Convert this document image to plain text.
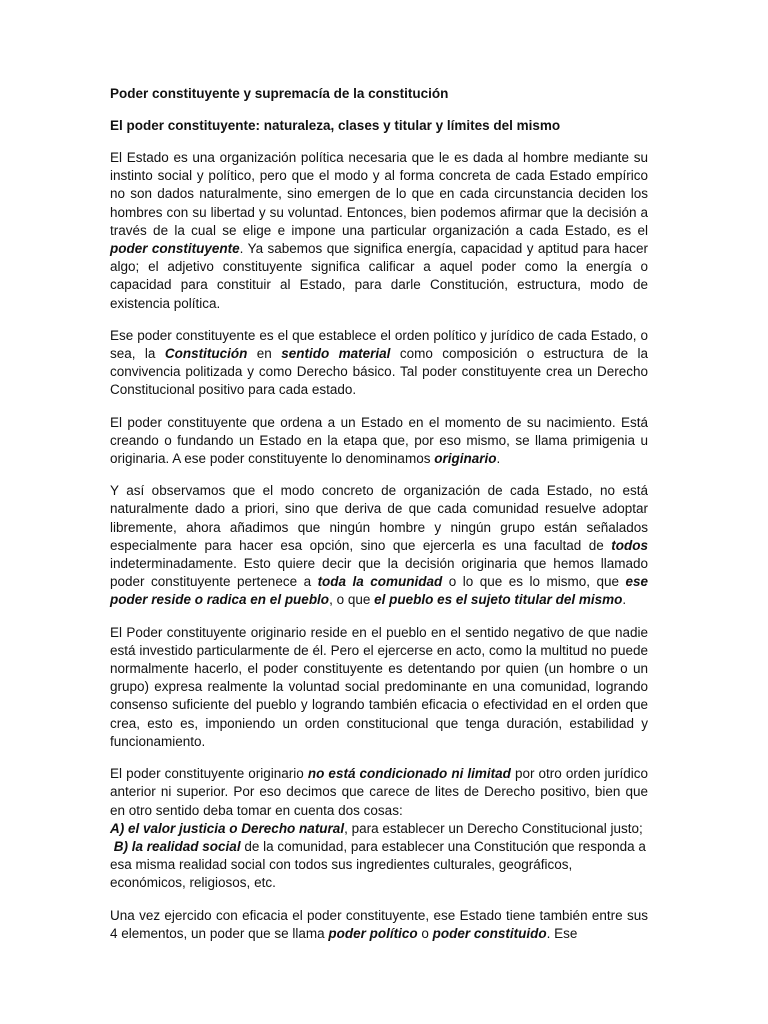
Poder constituyente y supremacía de la constitución

El poder constituyente: naturaleza, clases y titular y límites del mismo

El Estado es una organización política necesaria que le es dada al hombre mediante su instinto social y político, pero que el modo y al forma concreta de cada Estado empírico no son dados naturalmente, sino emergen de lo que en cada circunstancia deciden los hombres con su libertad y su voluntad. Entonces, bien podemos afirmar que la decisión a través de la cual se elige e impone una particular organización a cada Estado, es el poder constituyente. Ya sabemos que significa energía, capacidad y aptitud para hacer algo; el adjetivo constituyente significa calificar a aquel poder como la energía o capacidad para constituir al Estado, para darle Constitución, estructura, modo de existencia política.

Ese poder constituyente es el que establece el orden político y jurídico de cada Estado, o sea, la Constitución en sentido material como composición o estructura de la convivencia politizada y como Derecho básico. Tal poder constituyente crea un Derecho Constitucional positivo para cada estado.

El poder constituyente que ordena a un Estado en el momento de su nacimiento. Está creando o fundando un Estado en la etapa que, por eso mismo, se llama primigenia u originaria. A ese poder constituyente lo denominamos originario.

Y así observamos que el modo concreto de organización de cada Estado, no está naturalmente dado a priori, sino que deriva de que cada comunidad resuelve adoptar libremente, ahora añadimos que ningún hombre y ningún grupo están señalados especialmente para hacer esa opción, sino que ejercerla es una facultad de todos indeterminadamente. Esto quiere decir que la decisión originaria que hemos llamado poder constituyente pertenece a toda la comunidad o lo que es lo mismo, que ese poder reside o radica en el pueblo, o que el pueblo es el sujeto titular del mismo.

El Poder constituyente originario reside en el pueblo en el sentido negativo de que nadie está investido particularmente de él. Pero el ejercerse en acto, como la multitud no puede normalmente hacerlo, el poder constituyente es detentando por quien (un hombre o un grupo) expresa realmente la voluntad social predominante en una comunidad, logrando consenso suficiente del pueblo y logrando también eficacia o efectividad en el orden que crea, esto es, imponiendo un orden constitucional que tenga duración, estabilidad y funcionamiento.

El poder constituyente originario no está condicionado ni limitad por otro orden jurídico anterior ni superior. Por eso decimos que carece de lites de Derecho positivo, bien que en otro sentido deba tomar en cuenta dos cosas:
A) el valor justicia o Derecho natural, para establecer un Derecho Constitucional justo;
B) la realidad social de la comunidad, para establecer una Constitución que responda a esa misma realidad social con todos sus ingredientes culturales, geográficos, económicos, religiosos, etc.

Una vez ejercido con eficacia el poder constituyente, ese Estado tiene también entre sus 4 elementos, un poder que se llama poder político o poder constituido. Ese
